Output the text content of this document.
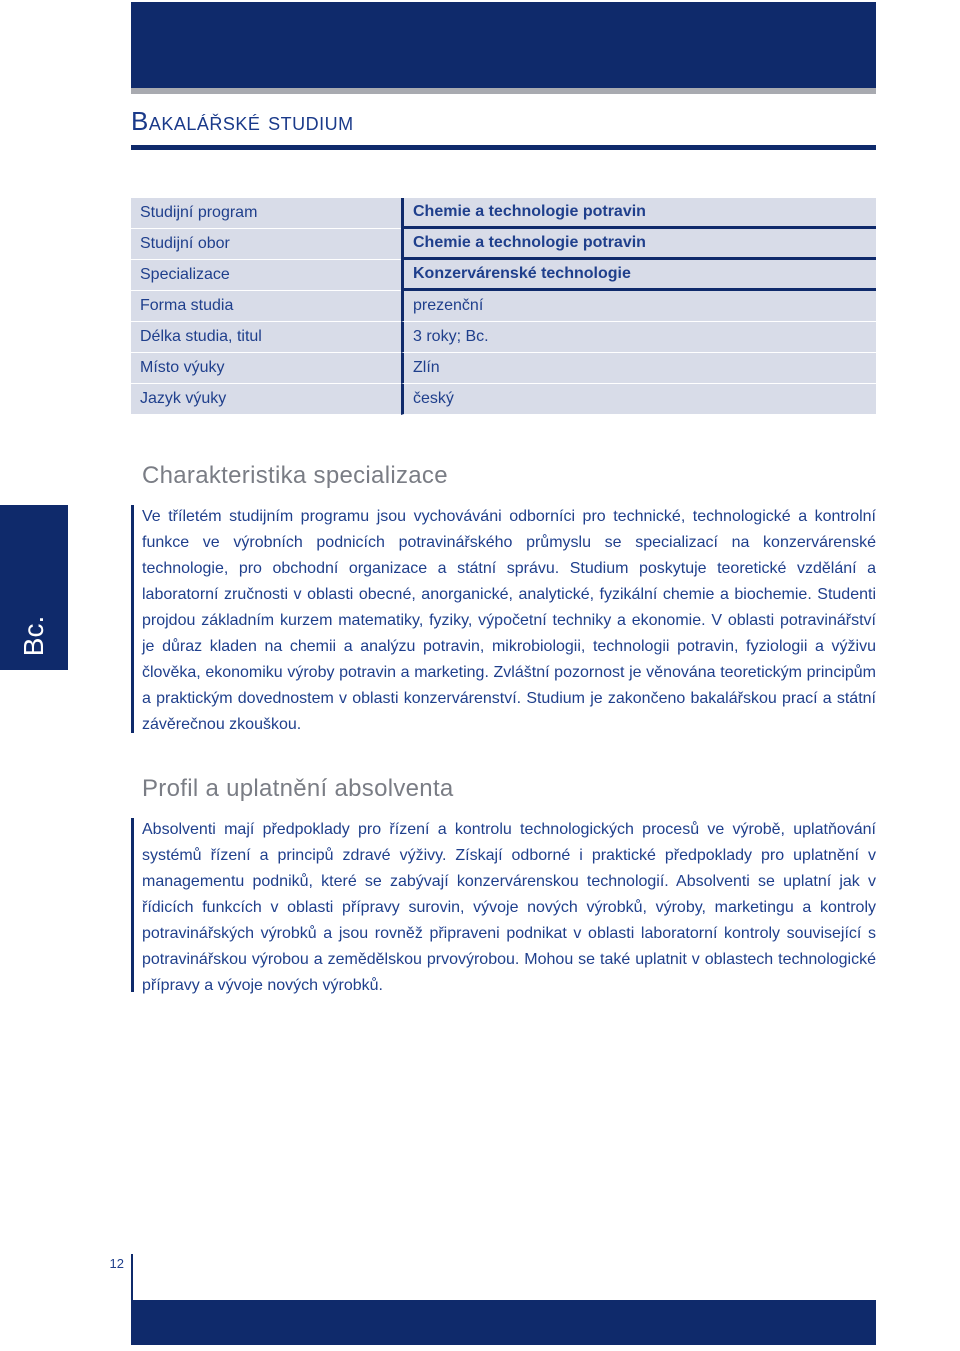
Bakalářské studium
Studijní program	Chemie a technologie potravin
Studijní obor	Chemie a technologie potravin
Specializace	Konzervárenské technologie
Forma studia	prezenční
Délka studia, titul	3 roky; Bc.
Místo výuky	Zlín
Jazyk výuky	český
Bc.
Charakteristika specializace

Ve tříletém studijním programu jsou vychováváni odborníci pro technické, technologické a kontrolní funkce ve výrobních podnicích potravinářského průmyslu se specializací na konzervárenské technologie, pro obchodní organizace a státní správu. Studium poskytuje teoretické vzdělání a laboratorní zručnosti v oblasti obecné, anorganické, analytické, fyzikální chemie a biochemie. Studenti projdou základním kurzem matematiky, fyziky, výpočetní techniky a ekonomie. V oblasti potravinářství je důraz kladen na chemii a analýzu potravin, mikrobiologii, technologii potravin, fyziologii a výživu člověka, ekonomiku výroby potravin a marketing. Zvláštní pozornost je věnována teoretickým principům a praktickým dovednostem v oblasti konzervárenství. Studium je zakončeno bakalářskou prací a státní závěrečnou zkouškou.

Profil a uplatnění absolventa

Absolventi mají předpoklady pro řízení a kontrolu technologických procesů ve výrobě, uplatňování systémů řízení a principů zdravé výživy. Získají odborné i praktické předpoklady pro uplatnění v managementu podniků, které se zabývají konzervárenskou technologií. Absolventi se uplatní jak v řídicích funkcích v oblasti přípravy surovin, vývoje nových výrobků, výroby, marketingu a kontroly potravinářských výrobků a jsou rovněž připraveni podnikat v oblasti laboratorní kontroly související s potravinářskou výrobou a zemědělskou prvovýrobou. Mohou se také uplatnit v oblastech technologické přípravy a vývoje nových výrobků.

12
